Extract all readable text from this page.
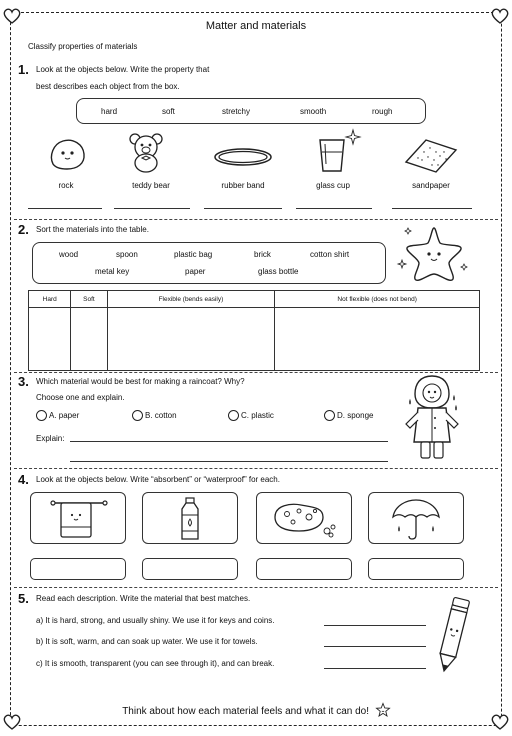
Matter and materials
Classify properties of materials
1. Look at the objects below. Write the property that
best describes each object from the box.
hard	soft	stretchy	smooth	rough
rock	teddy bear	rubber band	glass cup	sandpaper
2. Sort the materials into the table.
wood	spoon	plastic bag	brick	cotton shirt
metal key	paper	glass bottle
Hard	Soft	Flexible (bends easily)	Not flexible (does not bend)

3. Which material would be best for making a raincoat? Why?
Choose one and explain.
A. paper	B. cotton	C. plastic	D. sponge
Explain:
4. Look at the objects below. Write “absorbent” or “waterproof” for each.
5. Read each description. Write the material that best matches.
a) It is hard, strong, and usually shiny. We use it for keys and coins.
b) It is soft, warm, and can soak up water. We use it for towels.
c) It is smooth, transparent (you can see through it), and can break.
Think about how each material feels and what it can do!
